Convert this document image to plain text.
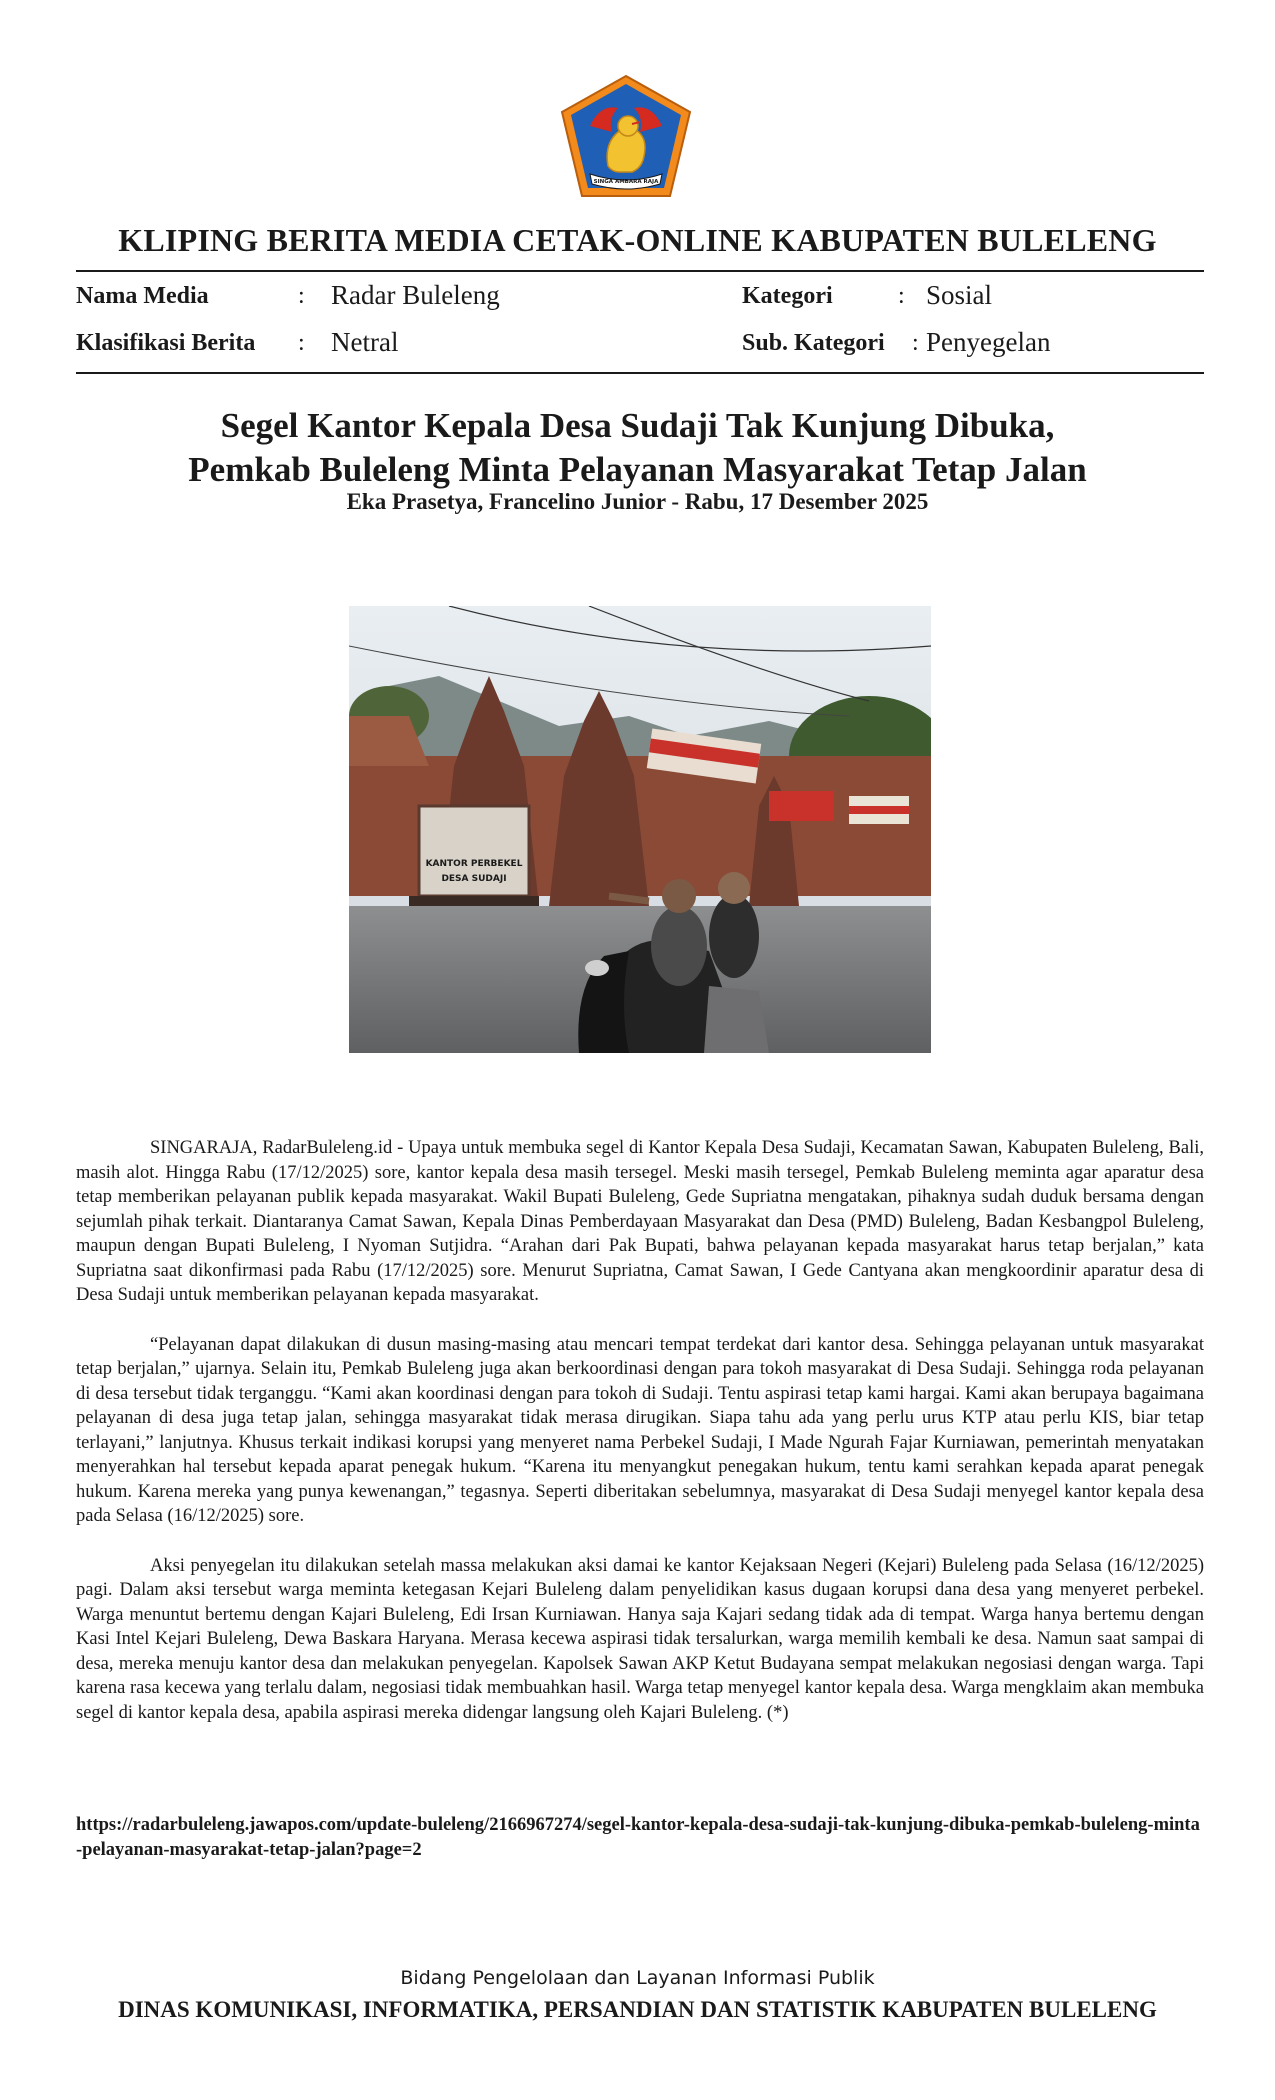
SINGA AMBARA RAJA
KLIPING BERITA MEDIA CETAK-ONLINE KABUPATEN BULELENG
Nama Media	: Radar Buleleng	Kategori	: Sosial
Klasifikasi Berita : Netral	Sub. Kategori : Penyegelan
Segel Kantor Kepala Desa Sudaji Tak Kunjung Dibuka,
Pemkab Buleleng Minta Pelayanan Masyarakat Tetap Jalan
Eka Prasetya, Francelino Junior - Rabu, 17 Desember 2025
KANTOR PERBEKEL
DESA SUDAJI

SINGARAJA, RadarBuleleng.id - Upaya untuk membuka segel di Kantor Kepala Desa Sudaji, Kecamatan Sawan, Kabupaten Buleleng, Bali, masih alot. Hingga Rabu (17/12/2025) sore, kantor kepala desa masih tersegel. Meski masih tersegel, Pemkab Buleleng meminta agar aparatur desa tetap memberikan pelayanan publik kepada masyarakat. Wakil Bupati Buleleng, Gede Supriatna mengatakan, pihaknya sudah duduk bersama dengan sejumlah pihak terkait. Diantaranya Camat Sawan, Kepala Dinas Pemberdayaan Masyarakat dan Desa (PMD) Buleleng, Badan Kesbangpol Buleleng, maupun dengan Bupati Buleleng, I Nyoman Sutjidra. “Arahan dari Pak Bupati, bahwa pelayanan kepada masyarakat harus tetap berjalan,” kata Supriatna saat dikonfirmasi pada Rabu (17/12/2025) sore. Menurut Supriatna, Camat Sawan, I Gede Cantyana akan mengkoordinir aparatur desa di Desa Sudaji untuk memberikan pelayanan kepada masyarakat.

“Pelayanan dapat dilakukan di dusun masing-masing atau mencari tempat terdekat dari kantor desa. Sehingga pelayanan untuk masyarakat tetap berjalan,” ujarnya. Selain itu, Pemkab Buleleng juga akan berkoordinasi dengan para tokoh masyarakat di Desa Sudaji. Sehingga roda pelayanan di desa tersebut tidak terganggu. “Kami akan koordinasi dengan para tokoh di Sudaji. Tentu aspirasi tetap kami hargai. Kami akan berupaya bagaimana pelayanan di desa juga tetap jalan, sehingga masyarakat tidak merasa dirugikan. Siapa tahu ada yang perlu urus KTP atau perlu KIS, biar tetap terlayani,” lanjutnya. Khusus terkait indikasi korupsi yang menyeret nama Perbekel Sudaji, I Made Ngurah Fajar Kurniawan, pemerintah menyatakan menyerahkan hal tersebut kepada aparat penegak hukum. “Karena itu menyangkut penegakan hukum, tentu kami serahkan kepada aparat penegak hukum. Karena mereka yang punya kewenangan,” tegasnya. Seperti diberitakan sebelumnya, masyarakat di Desa Sudaji menyegel kantor kepala desa pada Selasa (16/12/2025) sore.

Aksi penyegelan itu dilakukan setelah massa melakukan aksi damai ke kantor Kejaksaan Negeri (Kejari) Buleleng pada Selasa (16/12/2025) pagi. Dalam aksi tersebut warga meminta ketegasan Kejari Buleleng dalam penyelidikan kasus dugaan korupsi dana desa yang menyeret perbekel. Warga menuntut bertemu dengan Kajari Buleleng, Edi Irsan Kurniawan. Hanya saja Kajari sedang tidak ada di tempat. Warga hanya bertemu dengan Kasi Intel Kejari Buleleng, Dewa Baskara Haryana. Merasa kecewa aspirasi tidak tersalurkan, warga memilih kembali ke desa. Namun saat sampai di desa, mereka menuju kantor desa dan melakukan penyegelan. Kapolsek Sawan AKP Ketut Budayana sempat melakukan negosiasi dengan warga. Tapi karena rasa kecewa yang terlalu dalam, negosiasi tidak membuahkan hasil. Warga tetap menyegel kantor kepala desa. Warga mengklaim akan membuka segel di kantor kepala desa, apabila aspirasi mereka didengar langsung oleh Kajari Buleleng. (*)

https://radarbuleleng.jawapos.com/update-buleleng/2166967274/segel-kantor-kepala-desa-sudaji-tak-kunjung-dibuka-pemkab-buleleng-minta-pelayanan-masyarakat-tetap-jalan?page=2
Bidang Pengelolaan dan Layanan Informasi Publik
DINAS KOMUNIKASI, INFORMATIKA, PERSANDIAN DAN STATISTIK KABUPATEN BULELENG
